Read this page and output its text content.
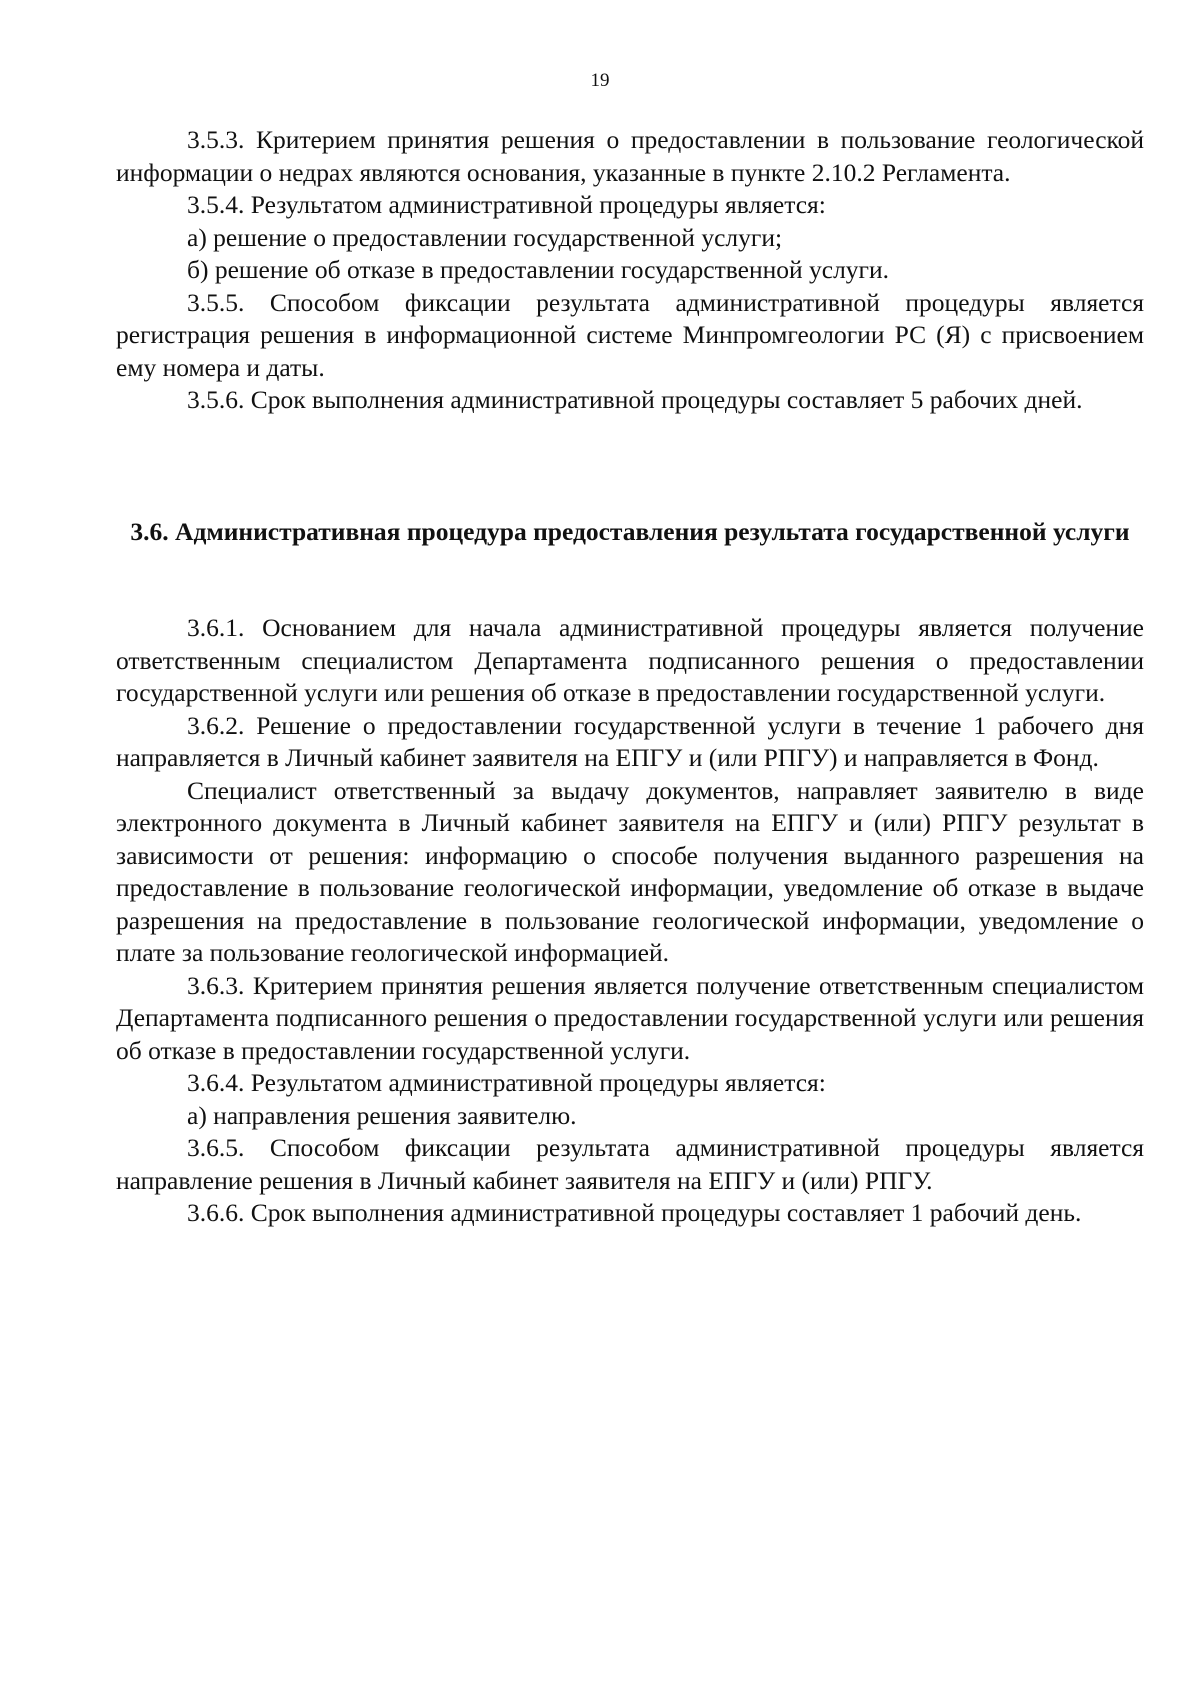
19

3.5.3. Критерием принятия решения о предоставлении в пользование геологической информации о недрах являются основания, указанные в пункте 2.10.2 Регламента.

3.5.4. Результатом административной процедуры является:

а) решение о предоставлении государственной услуги;

б) решение об отказе в предоставлении государственной услуги.

3.5.5. Способом фиксации результата административной процедуры является регистрация решения в информационной системе Минпромгеологии РС (Я) с присвоением ему номера и даты.

3.5.6. Срок выполнения административной процедуры составляет 5 рабочих дней.

3.6. Административная процедура предоставления результата государственной услуги

3.6.1. Основанием для начала административной процедуры является получение ответственным специалистом Департамента подписанного решения о предоставлении государственной услуги или решения об отказе в предоставлении государственной услуги.

3.6.2. Решение о предоставлении государственной услуги в течение 1 рабочего дня направляется в Личный кабинет заявителя на ЕПГУ и (или РПГУ) и направляется в Фонд.

Специалист ответственный за выдачу документов, направляет заявителю в виде электронного документа в Личный кабинет заявителя на ЕПГУ и (или) РПГУ результат в зависимости от решения: информацию о способе получения выданного разрешения на предоставление в пользование геологической информации, уведомление об отказе в выдаче разрешения на предоставление в пользование геологической информации, уведомление о плате за пользование геологической информацией.

3.6.3. Критерием принятия решения является получение ответственным специалистом Департамента подписанного решения о предоставлении государственной услуги или решения об отказе в предоставлении государственной услуги.

3.6.4. Результатом административной процедуры является:

а) направления решения заявителю.

3.6.5. Способом фиксации результата административной процедуры является направление решения в Личный кабинет заявителя на ЕПГУ и (или) РПГУ.

3.6.6. Срок выполнения административной процедуры составляет 1 рабочий день.
